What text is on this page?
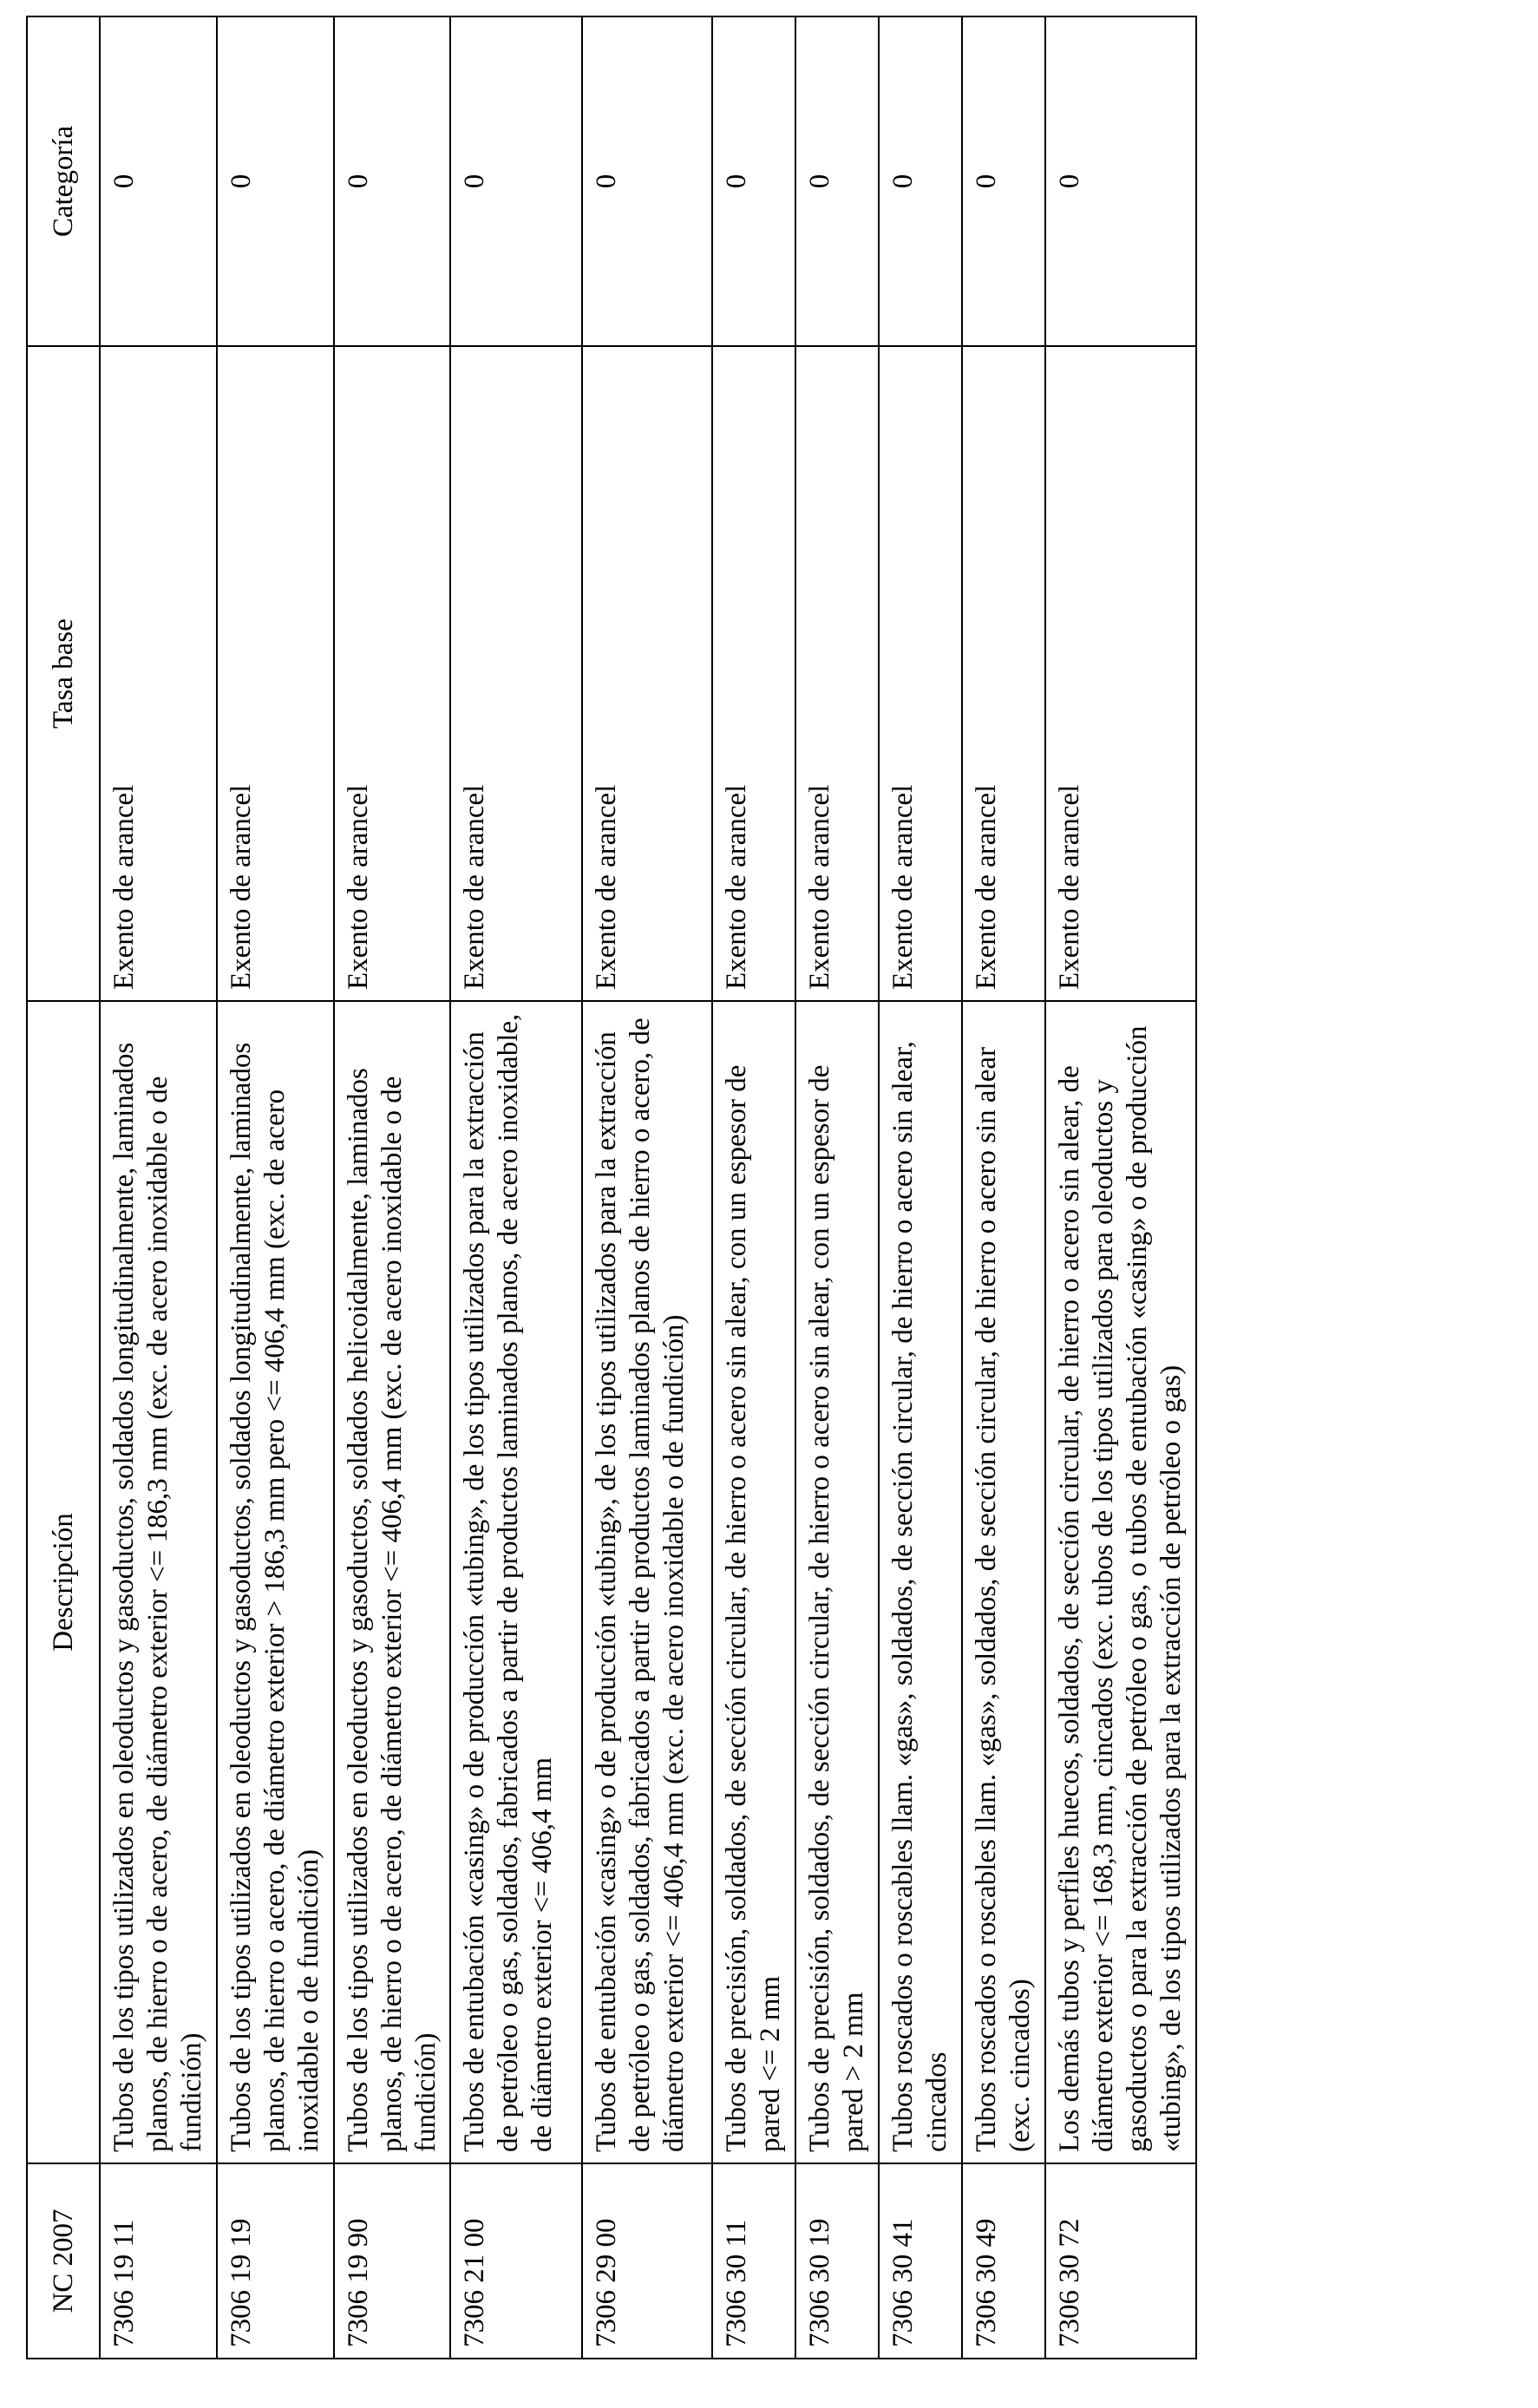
NC 2007	Descripción	Tasa base	Categoría
7306 19 11	Tubos de los tipos utilizados en oleoductos y gasoductos, soldados longitudinalmente, laminados planos, de hierro o de acero, de diámetro exterior <= 186,3 mm (exc. de acero inoxidable o de fundición)	Exento de arancel	0
7306 19 19	Tubos de los tipos utilizados en oleoductos y gasoductos, soldados longitudinalmente, laminados planos, de hierro o acero, de diámetro exterior > 186,3 mm pero <= 406,4 mm (exc. de acero inoxidable o de fundición)	Exento de arancel	0
7306 19 90	Tubos de los tipos utilizados en oleoductos y gasoductos, soldados helicoidalmente, laminados planos, de hierro o de acero, de diámetro exterior <= 406,4 mm (exc. de acero inoxidable o de fundición)	Exento de arancel	0
7306 21 00	Tubos de entubación «casing» o de producción «tubing», de los tipos utilizados para la extracción de petróleo o gas, soldados, fabricados a partir de productos laminados planos, de acero inoxidable, de diámetro exterior <= 406,4 mm	Exento de arancel	0
7306 29 00	Tubos de entubación «casing» o de producción «tubing», de los tipos utilizados para la extracción de petróleo o gas, soldados, fabricados a partir de productos laminados planos de hierro o acero, de diámetro exterior <= 406,4 mm (exc. de acero inoxidable o de fundición)	Exento de arancel	0
7306 30 11	Tubos de precisión, soldados, de sección circular, de hierro o acero sin alear, con un espesor de pared <= 2 mm	Exento de arancel	0
7306 30 19	Tubos de precisión, soldados, de sección circular, de hierro o acero sin alear, con un espesor de pared > 2 mm	Exento de arancel	0
7306 30 41	Tubos roscados o roscables llam. «gas», soldados, de sección circular, de hierro o acero sin alear, cincados	Exento de arancel	0
7306 30 49	Tubos roscados o roscables llam. «gas», soldados, de sección circular, de hierro o acero sin alear (exc. cincados)	Exento de arancel	0
7306 30 72	Los demás tubos y perfiles huecos, soldados, de sección circular, de hierro o acero sin alear, de diámetro exterior <= 168,3 mm, cincados (exc. tubos de los tipos utilizados para oleoductos y gasoductos o para la extracción de petróleo o gas, o tubos de entubación «casing» o de producción «tubing», de los tipos utilizados para la extracción de petróleo o gas)	Exento de arancel	0
